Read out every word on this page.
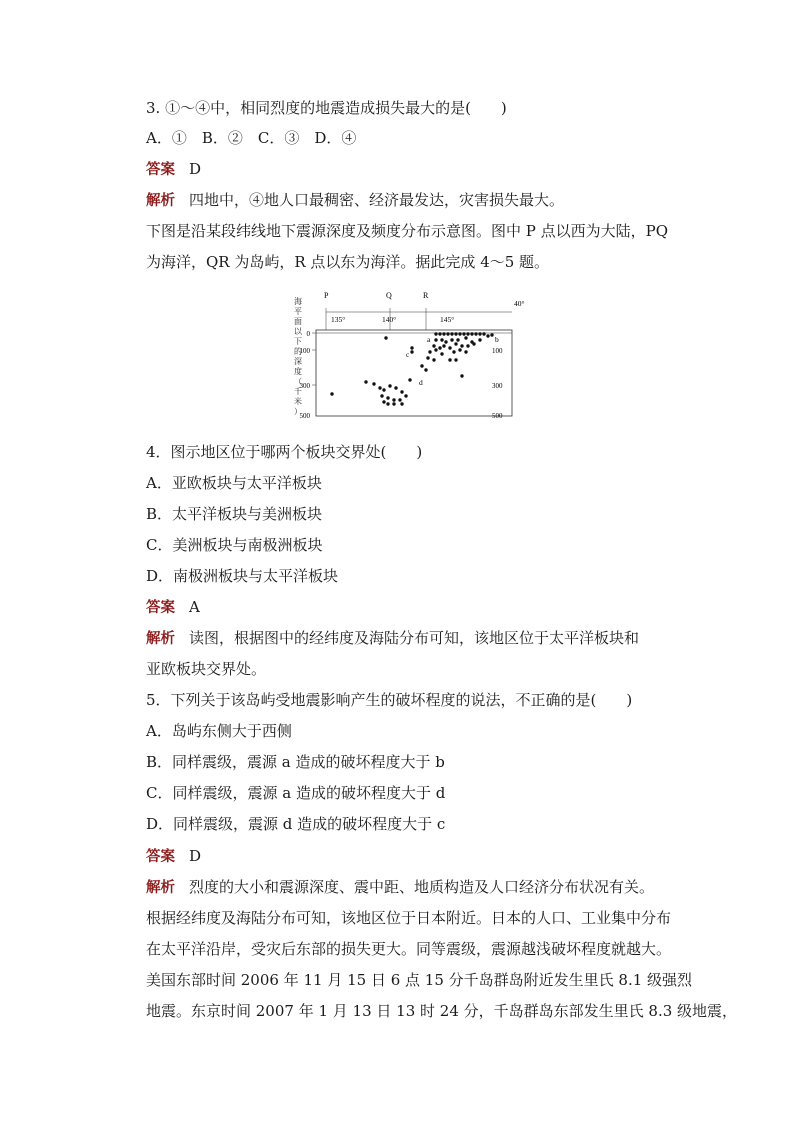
3. ①～④中，相同烈度的地震造成损失最大的是(　　)
A．①　B．②　C．③　D．④
答案 D
解析 四地中，④地人口最稠密、经济最发达，灾害损失最大。
下图是沿某段纬线地下震源深度及频度分布示意图。图中 P 点以西为大陆，PQ
为海洋，QR 为岛屿，R 点以东为海洋。据此完成 4～5 题。
海
平
面
以
下
的
深
度
（
千
米
）
P	Q	R
135°	140°	145°
40°
0
100
300
500
100
300
500
a	b
c
d
4．图示地区位于哪两个板块交界处(　　)
A．亚欧板块与太平洋板块
B．太平洋板块与美洲板块
C．美洲板块与南极洲板块
D．南极洲板块与太平洋板块
答案 A
解析 读图，根据图中的经纬度及海陆分布可知，该地区位于太平洋板块和
亚欧板块交界处。
5．下列关于该岛屿受地震影响产生的破坏程度的说法，不正确的是(　　)
A．岛屿东侧大于西侧
B．同样震级，震源 a 造成的破坏程度大于 b
C．同样震级，震源 a 造成的破坏程度大于 d
D．同样震级，震源 d 造成的破坏程度大于 c
答案 D
解析 烈度的大小和震源深度、震中距、地质构造及人口经济分布状况有关。
根据经纬度及海陆分布可知，该地区位于日本附近。日本的人口、工业集中分布
在太平洋沿岸，受灾后东部的损失更大。同等震级，震源越浅破坏程度就越大。
美国东部时间 2006 年 11 月 15 日 6 点 15 分千岛群岛附近发生里氏 8.1 级强烈
地震。东京时间 2007 年 1 月 13 日 13 时 24 分，千岛群岛东部发生里氏 8.3 级地震，
